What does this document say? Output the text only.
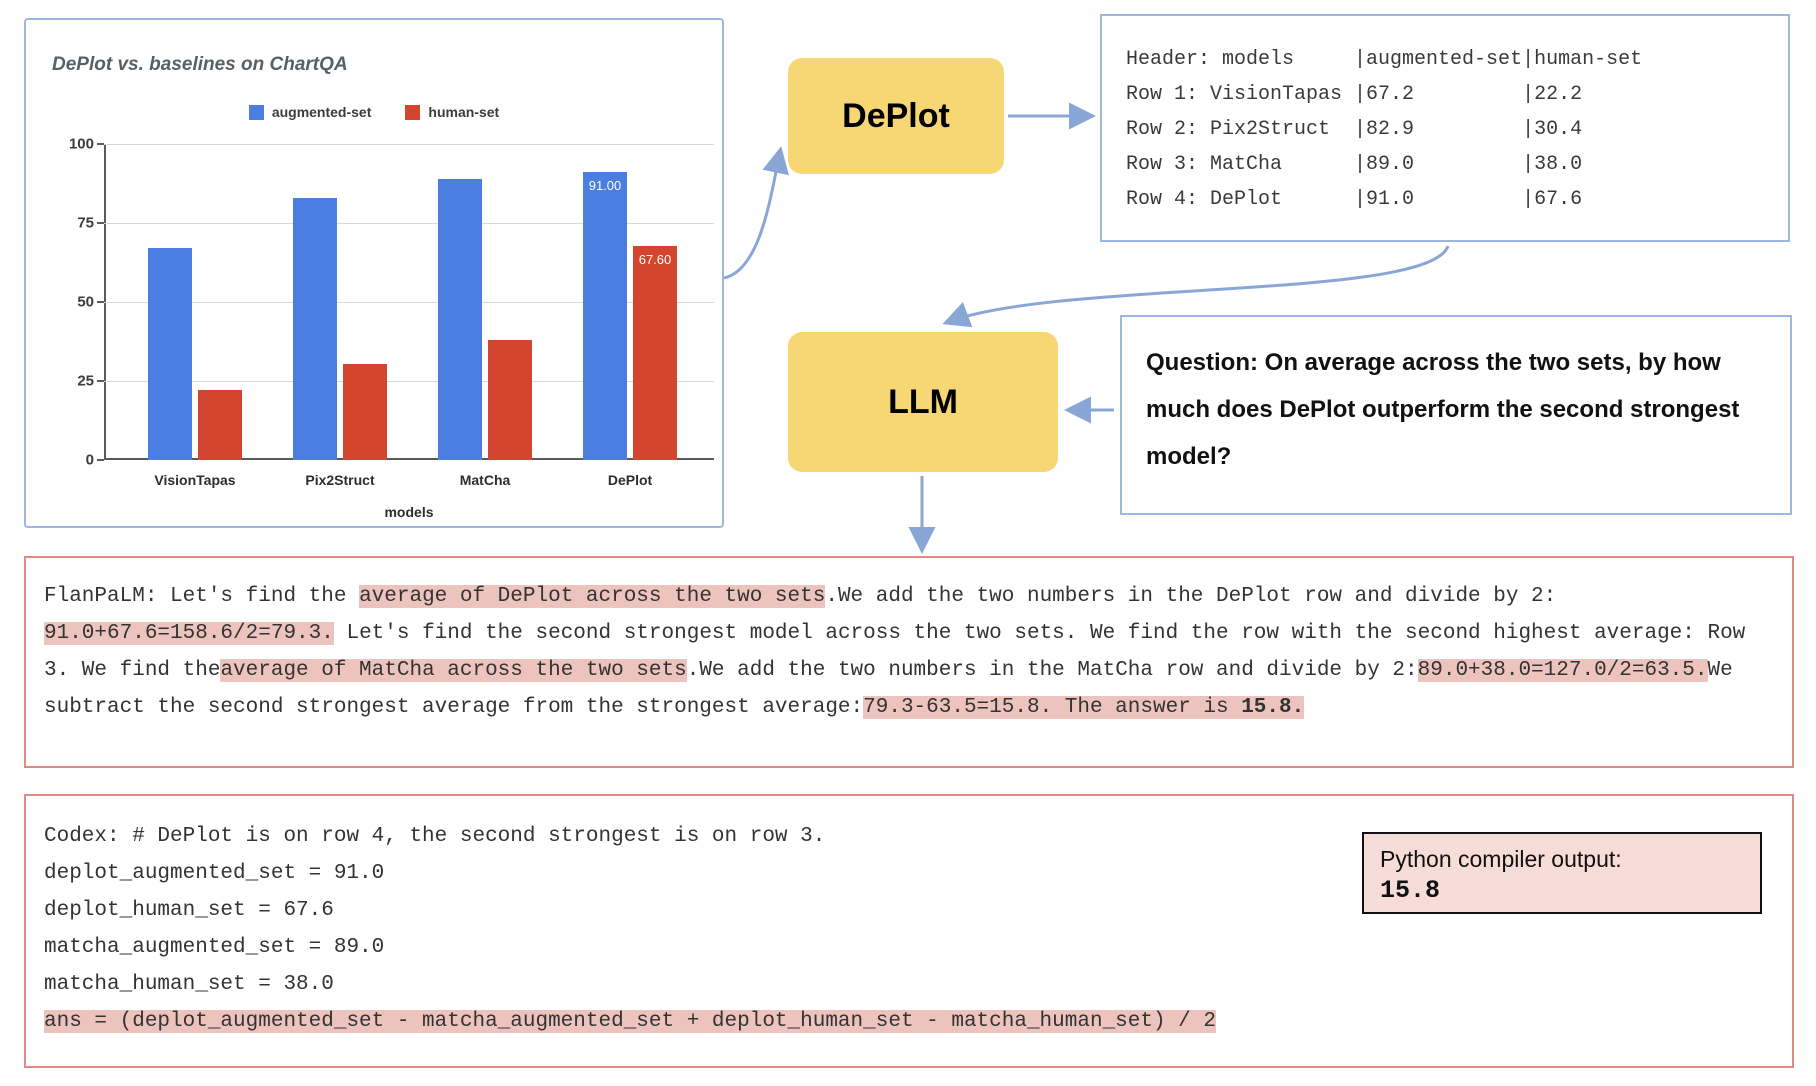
DePlot vs. baselines on ChartQA
augmented-set	human-set
100
75
50
25
0
VisionTapas	Pix2Struct	MatCha
91.00
67.60
DePlot
models
Header: models     |augmented-set|human-set
Row 1: VisionTapas |67.2         |22.2
Row 2: Pix2Struct  |82.9         |30.4
Row 3: MatCha      |89.0         |38.0
Row 4: DePlot      |91.0         |67.6
DePlot
LLM
Question: On average across the two sets, by how much does DePlot outperform the second strongest model?
FlanPaLM: Let's find the average of DePlot across the two sets.We add the two numbers in the DePlot row and divide by 2: 91.0+67.6=158.6/2=79.3. Let's find the second strongest model across the two sets. We find the row with the second highest average: Row 3. We find theaverage of MatCha across the two sets.We add the two numbers in the MatCha row and divide by 2:89.0+38.0=127.0/2=63.5.We subtract the second strongest average from the strongest average:79.3-63.5=15.8. The answer is 15.8.
Codex: # DePlot is on row 4, the second strongest is on row 3.
deplot_augmented_set = 91.0
deplot_human_set = 67.6
matcha_augmented_set = 89.0
matcha_human_set = 38.0
ans = (deplot_augmented_set - matcha_augmented_set + deplot_human_set - matcha_human_set) / 2
Python compiler output:
15.8
